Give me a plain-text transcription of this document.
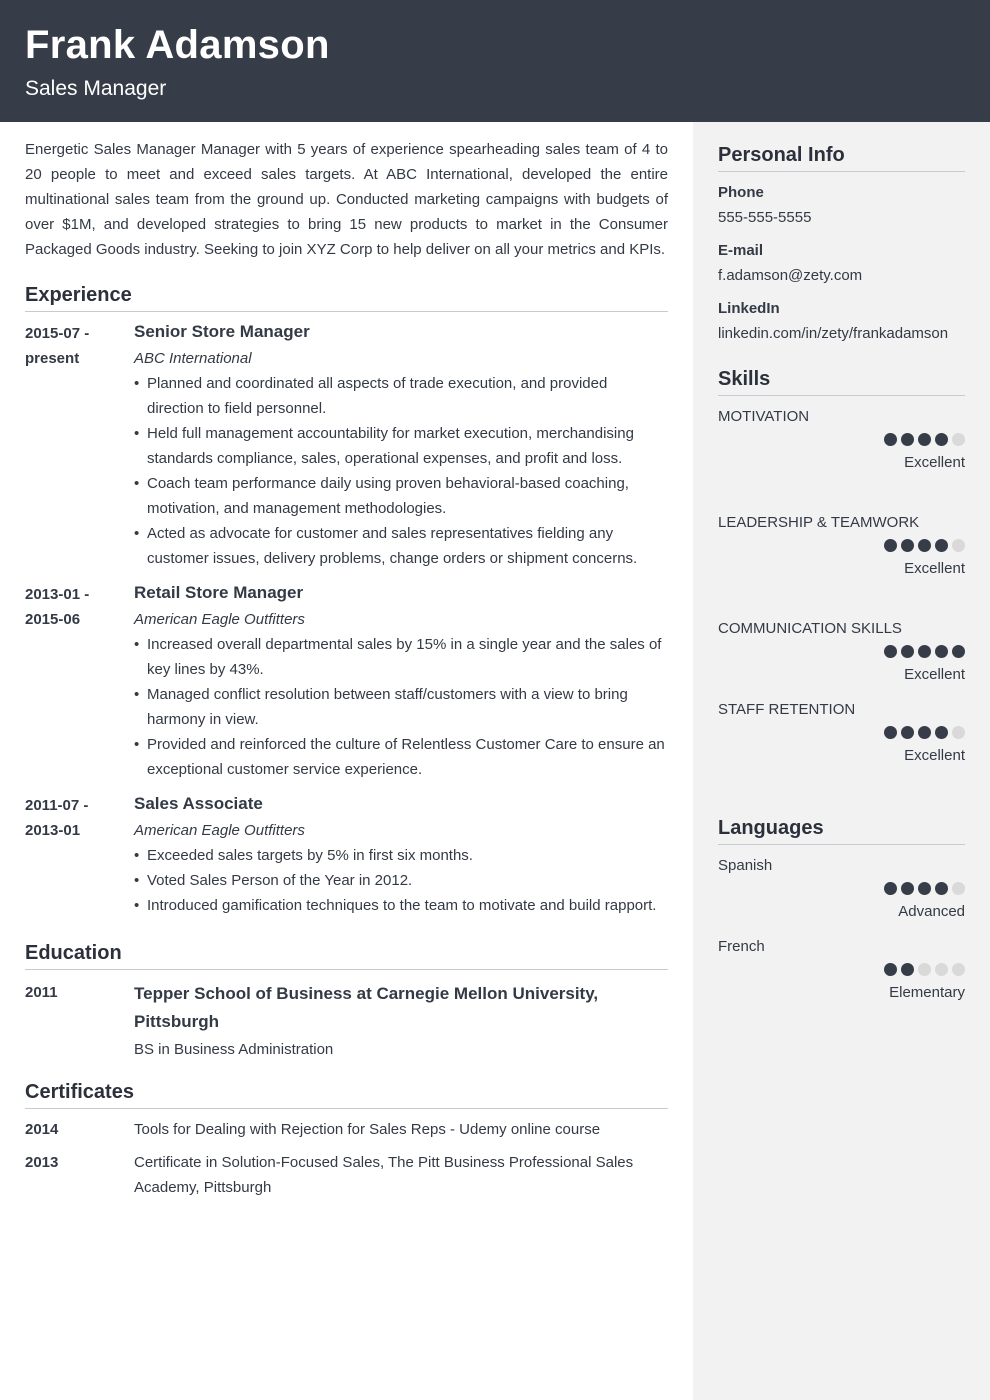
Frank Adamson
Sales Manager

Energetic Sales Manager Manager with 5 years of experience spearheading sales team of 4 to 20 people to meet and exceed sales targets. At ABC International, developed the entire multinational sales team from the ground up. Conducted marketing campaigns with budgets of over $1M, and developed strategies to bring 15 new products to market in the Consumer Packaged Goods industry. Seeking to join XYZ Corp to help deliver on all your metrics and KPIs.

Experience
2015-07 - present
Senior Store Manager
ABC International
• Planned and coordinated all aspects of trade execution, and provided direction to field personnel.
• Held full management accountability for market execution, merchandising standards compliance, sales, operational expenses, and profit and loss.
• Coach team performance daily using proven behavioral-based coaching, motivation, and management methodologies.
• Acted as advocate for customer and sales representatives fielding any customer issues, delivery problems, change orders or shipment concerns.
2013-01 - 2015-06
Retail Store Manager
American Eagle Outfitters
• Increased overall departmental sales by 15% in a single year and the sales of key lines by 43%.
• Managed conflict resolution between staff/customers with a view to bring harmony in view.
• Provided and reinforced the culture of Relentless Customer Care to ensure an exceptional customer service experience.
2011-07 - 2013-01
Sales Associate
American Eagle Outfitters
• Exceeded sales targets by 5% in first six months.
• Voted Sales Person of the Year in 2012.
• Introduced gamification techniques to the team to motivate and build rapport.
Education
2011	Tepper School of Business at Carnegie Mellon University, Pittsburgh
BS in Business Administration
Certificates
2014	Tools for Dealing with Rejection for Sales Reps - Udemy online course
2013	Certificate in Solution-Focused Sales, The Pitt Business Professional Sales Academy, Pittsburgh
Personal Info
Phone
555-555-5555
E-mail
f.adamson@zety.com
LinkedIn
linkedin.com/in/zety/frankadamson
Skills
MOTIVATION
Excellent
LEADERSHIP & TEAMWORK
Excellent
COMMUNICATION SKILLS
Excellent
STAFF RETENTION
Excellent
Languages
Spanish
Advanced
French
Elementary
